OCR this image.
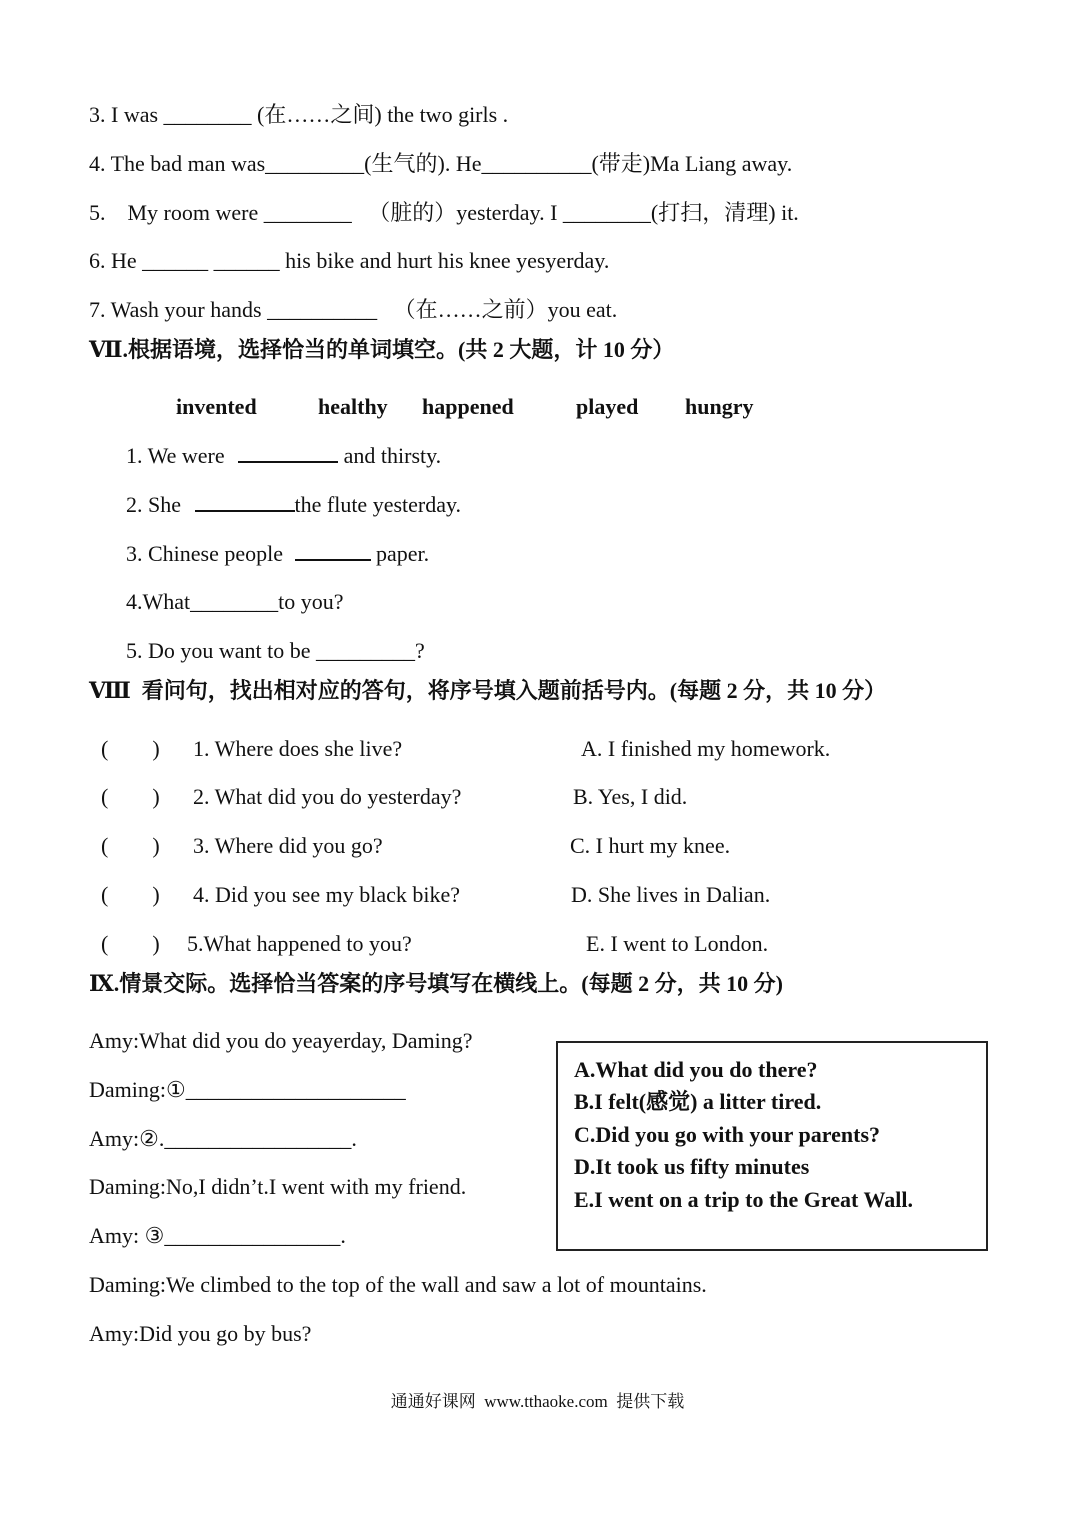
3. I was ________ (在……之间) the two girls .
4. The bad man was_________(生气的). He__________(带走)Ma Liang away.
5.    My room were ________   （脏的）yesterday. I ________(打扫，清理) it.
6. He ______ ______ his bike and hurt his knee yesyerday.
7. Wash your hands __________   （在……之前）you eat.
Ⅶ.根据语境，选择恰当的单词填空。(共 2 大题，计 10 分）
invented	healthy happened	played hungry
1. We were	and thirsty.
2. She	the flute yesterday.
3. Chinese people	paper.
4.What________to you?
5. Do you want to be _________?
Ⅷ  看问句，找出相对应的答句，将序号填入题前括号内。(每题 2 分，共 10 分）
(        ) 1. Where does she live?	A. I finished my homework.
(        ) 2. What did you do yesterday?	B. Yes, I did.
(        ) 3. Where did you go?	C. I hurt my knee.
(        ) 4. Did you see my black bike?	D. She lives in Dalian.
(        ) 5.What happened to you?	E. I went to London.
Ⅸ.情景交际。选择恰当答案的序号填写在横线上。(每题 2 分，共 10 分)
Amy:What did you do yeayerday, Daming?
Daming:①____________________
Amy:②._________________.
Daming:No,I didn’t.I went with my friend.
Amy: ③________________.
Daming:We climbed to the top of the wall and saw a lot of mountains.
Amy:Did you go by bus?
A.What did you do there?
B.I felt(感觉) a litter tired.
C.Did you go with your parents?
D.It took us fifty minutes
E.I went on a trip to the Great Wall.
通通好课网  www.tthaoke.com  提供下载
